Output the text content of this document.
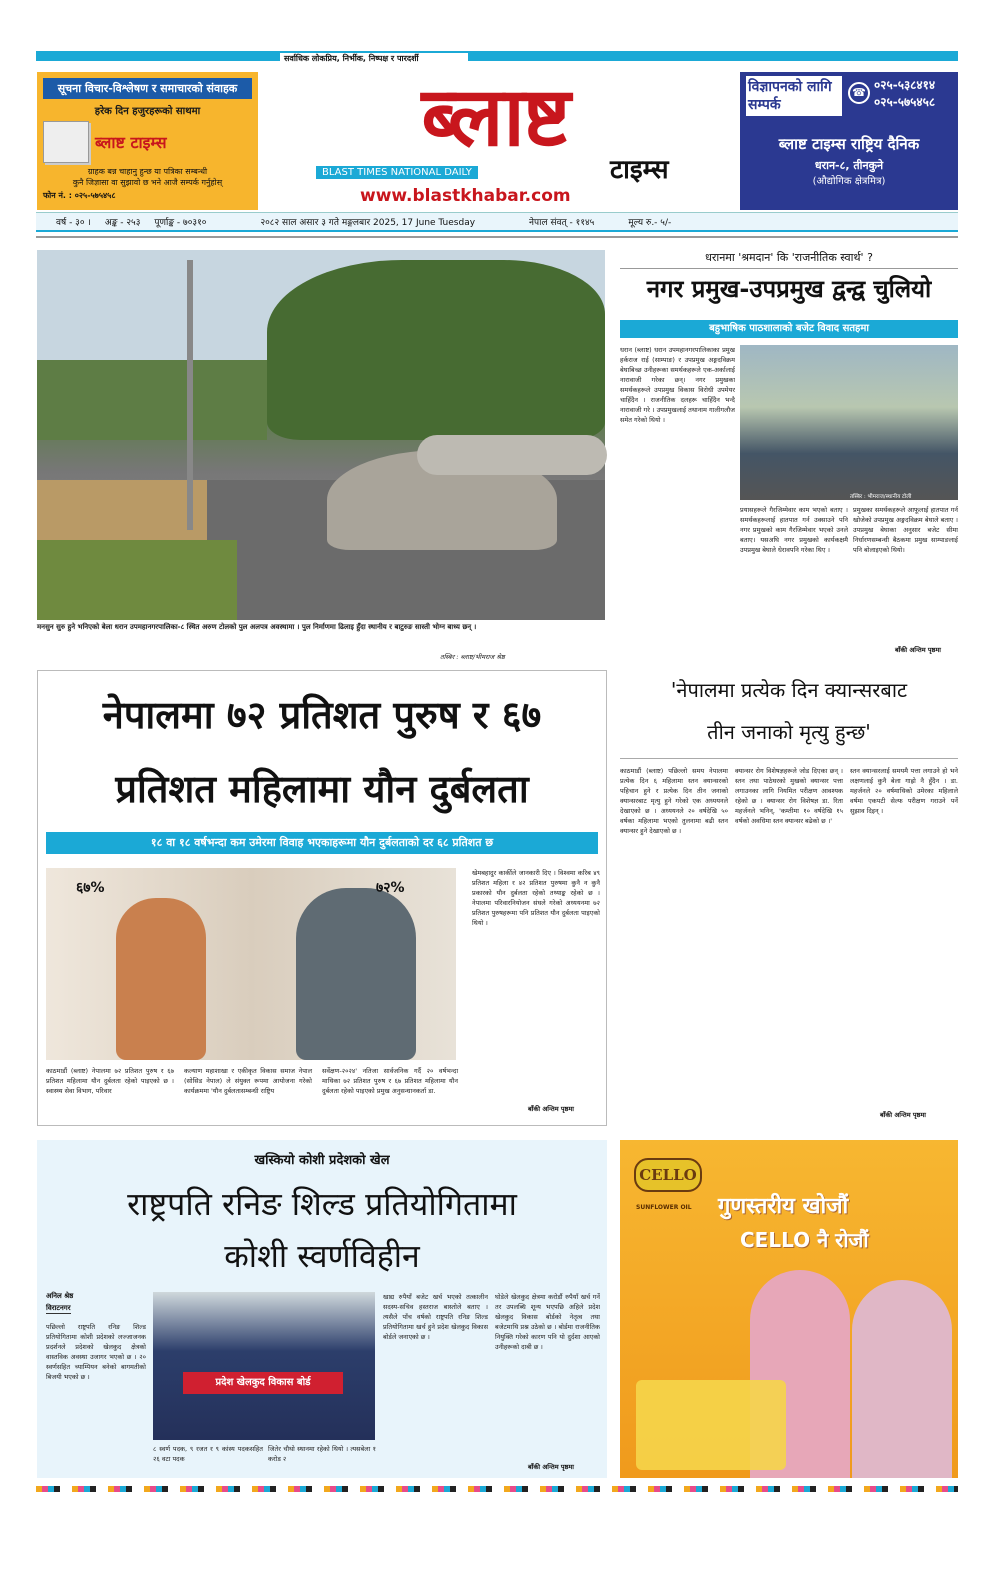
सर्वाधिक लोकप्रिय, निर्भीक, निष्पक्ष र पारदर्शी
सूचना विचार-विश्लेषण र समाचारको संवाहक
हरेक दिन हजुरहरूको साथमा
ब्लाष्ट टाइम्स
ग्राहक बन्न चाहानु हुन्छ या पत्रिका सम्बन्धी
कुनै जिज्ञासा वा सुझावो छ भने आजै सम्पर्क गर्नुहोस्
फोन नं. : ०२५-५७५४५८
ब्लाष्ट
टाइम्स
BLAST TIMES NATIONAL DAILY
www.blastkhabar.com
विज्ञापनको लागि सम्पर्क
☎
०२५-५३८४१४
०२५-५७५४५८
ब्लाष्ट टाइम्स राष्ट्रिय दैनिक
धरान-८, तीनकुने
(औद्योगिक क्षेत्रमित्र)
वर्ष - ३० । अङ्क - २५३ पूर्णाङ्क - ७०३१०	२०८२ साल असार ३ गते मङ्गलबार 2025, 17 June Tuesday	नेपाल संवत् - ११४५	मूल्य रु.- ५/-
मनसुन सुरु हुने भनिएको बेला धरान उपमहानगरपालिका-८ स्थित अरुण टोलको पुल अलपत्र अवस्थामा । पुल निर्माणमा ढिलाइ हुँदा स्थानीय र बाटुरुङ सास्ती भोग्न बाध्य छन् ।
तस्बिर : ब्लाष्ट/भीमराज श्रेष्ठ
धरानमा 'श्रमदान' कि 'राजनीतिक स्वार्थ' ?
नगर प्रमुख-उपप्रमुख द्वन्द्व चुलियो
बहुभाषिक पाठशालाको बजेट विवाद सतहमा
धरान (ब्लाष्ट) धरान उपमहानगरपालिकाका प्रमुख हर्कराज राई (साम्पाङ) र उपप्रमुख अङ्गदविक्रम बेघाबिच्छ उनीहरूका समर्थकहरूले एक-अर्कालाई नारावाजी गरेका छन्। नगर प्रमुखका समर्थकहरूले उपप्रमुख विकास विरोधी उपमेयर चाहिँदैन । राजनीतिक दलहरू चाहिँदैन भन्दै नारावाजी गरे । उपप्रमुखलाई तथानाम गालीगलौज समेत गरेको थियो ।
तस्बिर : भीमराज/स्थानीय टोली
प्रयासहरूले गैरजिम्मेवार काम भएको बताए । समर्थकहरूलाई हातपात गर्न उक्साउने पनि नगर प्रमुखको काम गैरजिम्मेवार भएको उनले बताए। यसअघि नगर प्रमुखको कार्यकक्षमै उपप्रमुख बेघाले धेरावपनि गरेका थिए ।
प्रमुखका समर्थकहरूले आफूलाई हातपात गर्न खोजेको उपप्रमुख अङ्गदविक्रम बेघाले बताए । उपप्रमुख बेघाका अनुसार बजेट सीमा निर्धारणसम्बन्धी बैठकमा प्रमुख साम्पाङलाई पनि बोलाइएको थियो।
बाँकी अन्तिम पृष्ठमा
नेपालमा ७२ प्रतिशत पुरुष र ६७
प्रतिशत महिलामा यौन दुर्बलता
१८ वा १८ वर्षभन्दा कम उमेरमा विवाह भएकाहरूमा यौन दुर्बलताको दर ६८ प्रतिशत छ
६७%	७२%
खेमबहादुर कार्कीले जानकारी दिए । विश्वमा करिब ४९ प्रतिशत महिला र ४२ प्रतिशत पुरुषमा कुनै न कुनै प्रकारको यौन दुर्बलता रहेको तथ्याङ्क रहेको छ । नेपालमा परिवारनियोजन संघले गरेको अध्ययनमा ७२ प्रतिशत पुरुषहरूमा पनि प्रतिशत यौन दुर्बलता पाइएको थियो ।
काठमाडौं (ब्लाष्ट) नेपालमा ७२ प्रतिशत पुरुष र ६७ प्रतिशत महिलामा यौन दुर्बलता रहेको पाइएको छ । स्वास्थ्य सेवा विभाग, परिवार
कल्याण महाशाखा र एकीकृत विकास समाज नेपाल (सोसिड नेपाल) ले संयुक्त रूपमा आयोजना गरेको कार्यक्रममा 'यौन दुर्बलतासम्बन्धी राष्ट्रिय
सर्वेक्षण-२०२४' नतिजा सार्वजनिक गर्दै २० वर्षभन्दा माथिका ७२ प्रतिशत पुरुष र ६७ प्रतिशत महिलामा यौन दुर्बलता रहेको पाइएको प्रमुख अनुसन्धानकर्ता डा.
बाँकी अन्तिम पृष्ठमा
'नेपालमा प्रत्येक दिन क्यान्सरबाट
तीन जनाको मृत्यु हुन्छ'
काठमाडौं (ब्लाष्ट) पछिल्लो समय नेपालमा प्रत्येक दिन ६ महिलामा स्तन क्यान्सरको पहिचान हुने र प्रत्येक दिन तीन जनाको क्यान्सरबाट मृत्यु हुने गरेको एक अध्ययनले देखाएको छ । अध्ययनले २० वर्षदेखि ५० वर्षका महिलामा भएको तुलनामा बढी स्तन क्यान्सर हुने देखाएको छ ।
क्यान्सर रोग विशेषज्ञहरूले जोड दिएका छन् । स्तन तथा पाठेघरको मुखको क्यान्सर पत्ता लगाउनका लागि नियमित परीक्षण आवश्यक रहेको छ । क्यान्सर रोग विशेषज्ञ डा. रिता महर्जनले भनिन्, 'कम्तीमा १० वर्षदेखि १५ वर्षको अवधिमा स्तन क्यान्सर बढेको छ ।'
स्तन क्यान्सरलाई समयमै पत्ता लगाउने हो भने लक्षणलाई कुनै बेला गाह्रो नै हुँदैन । डा. महर्जनले २० वर्षमाथिको उमेरका महिलाले वर्षमा एकपटी सेल्फ परीक्षण गराउने पर्ने सुझाव दिइन् ।
बाँकी अन्तिम पृष्ठमा
खस्कियो कोशी प्रदेशको खेल
राष्ट्रपति रनिङ शिल्ड प्रतियोगितामा
कोशी स्वर्णविहीन
अनिल श्रेष्ठ
विराटनगर
पछिल्लो राष्ट्रपति रनिङ शिल्ड प्रतियोगितामा कोशी प्रदेशको लज्जाजनक प्रदर्शनले प्रदेशको खेलकुद क्षेत्रको वास्तविक अवस्था उजागर भएको छ । २० स्वर्णसहित च्याम्पियन बनेको बागमतीको बिजयी भएको छ ।	प्रदेश खेलकुद विकास बोर्ड
८ स्वर्ण पदक, ९ रजत र ९ कांस्य पदकसहित २६ वटा पदक
जितेर चौथो स्थानमा रहेको थियो । त्यसबेला १ करोड २
खाद्य रुपैयाँ बजेट खर्च भएको तत्कालीन सदस्य-सचिव हस्तराज बास्तोले बताए । त्यसैले पाँच वर्षको राष्ट्रपति रनिङ शिल्ड प्रतियोगितामा खर्च हुने प्रदेश खेलकुद विकास बोर्डले जनाएको छ ।
घोडेले खेलकुद क्षेत्रमा करोडौं रुपैयाँ खर्च गर्ने तर उपलब्धि शून्य भएपछि अहिले प्रदेश खेलकुद विकास बोर्डको नेतृत्व तथा बजेटमाथि प्रश्न उठेको छ । बोर्डमा राजनीतिक नियुक्ति गरेको कारण पनि यो दुर्दशा आएको उनीहरूको दाबी छ ।
बाँकी अन्तिम पृष्ठमा
CELLO
SUNFLOWER OIL गुणस्तरीय खोजौं
CELLO नै रोजौं
